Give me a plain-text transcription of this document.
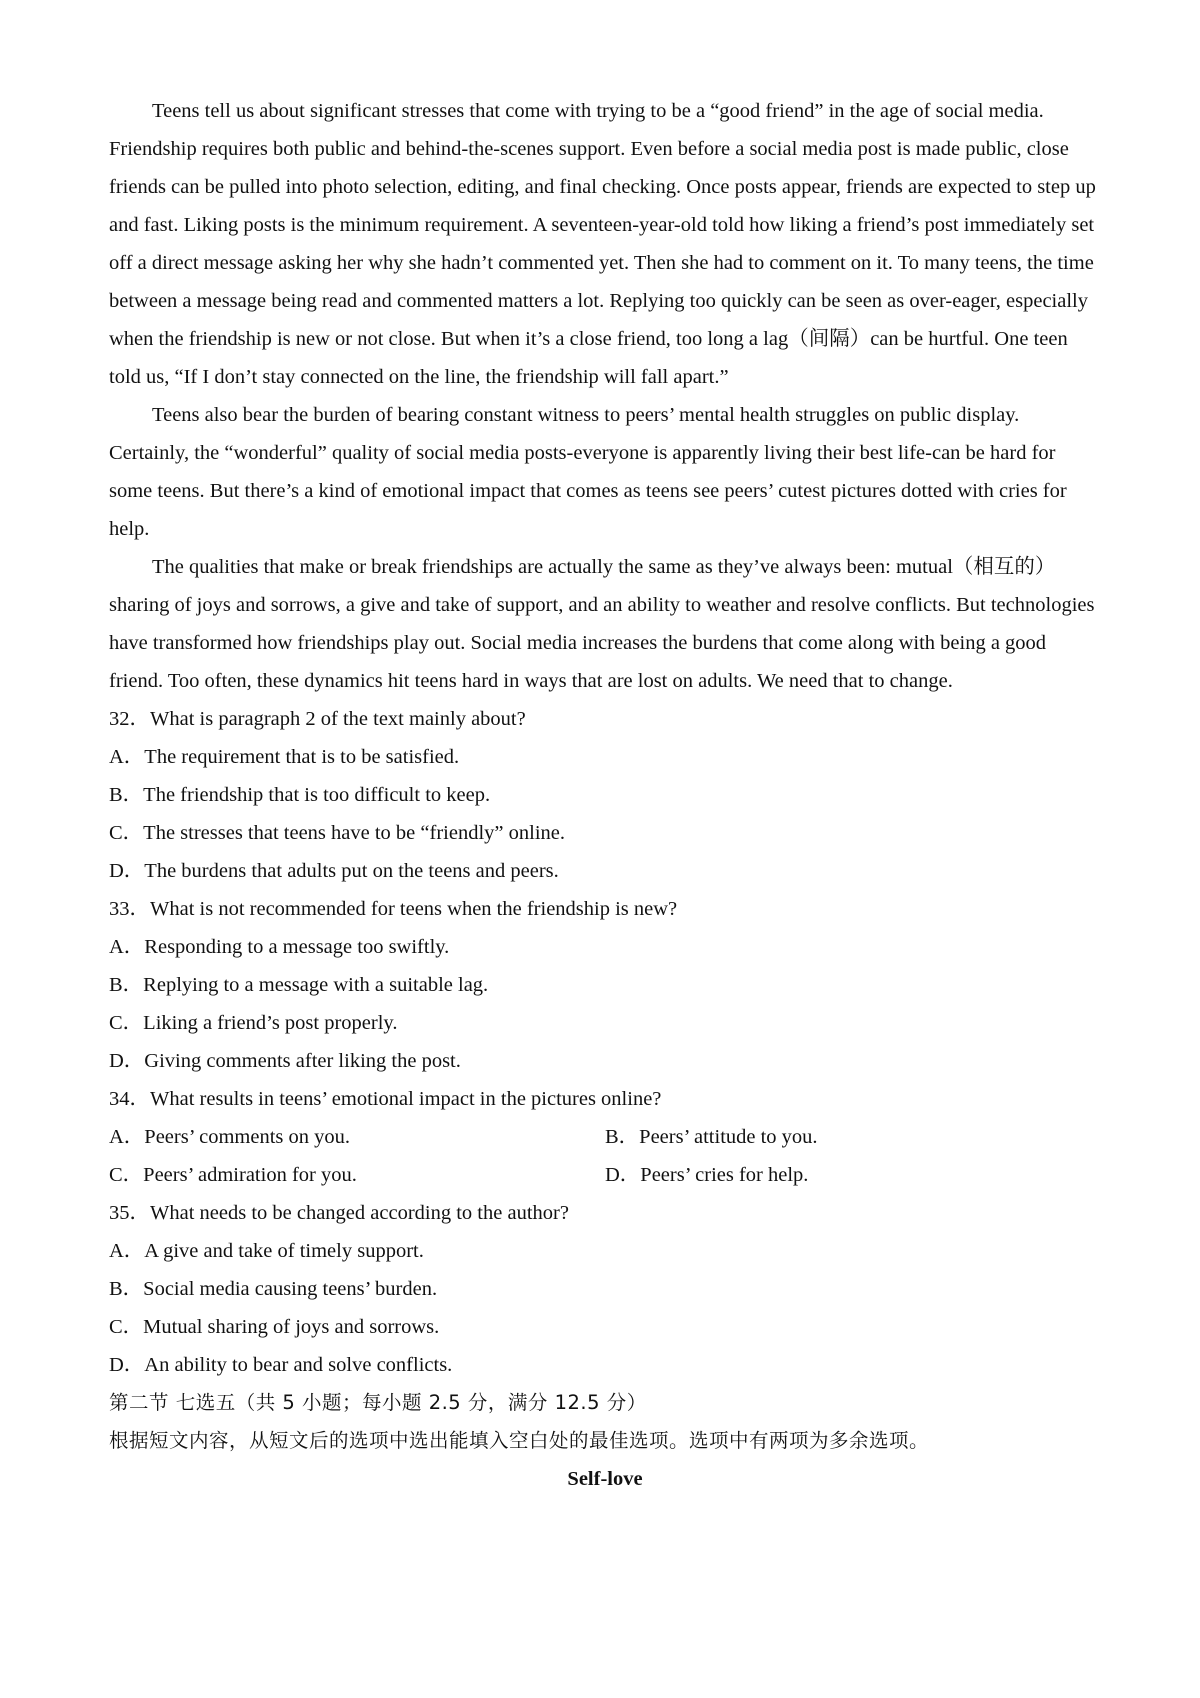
Teens tell us about significant stresses that come with trying to be a “good friend” in the age of social media. Friendship requires both public and behind-the-scenes support. Even before a social media post is made public, close friends can be pulled into photo selection, editing, and final checking. Once posts appear, friends are expected to step up and fast. Liking posts is the minimum requirement. A seventeen-year-old told how liking a friend’s post immediately set off a direct message asking her why she hadn’t commented yet. Then she had to comment on it. To many teens, the time between a message being read and commented matters a lot. Replying too quickly can be seen as over-eager, especially when the friendship is new or not close. But when it’s a close friend, too long a lag（间隔）can be hurtful. One teen told us, “If I don’t stay connected on the line, the friendship will fall apart.”

Teens also bear the burden of bearing constant witness to peers’ mental health struggles on public display. Certainly, the “wonderful” quality of social media posts-everyone is apparently living their best life-can be hard for some teens. But there’s a kind of emotional impact that comes as teens see peers’ cutest pictures dotted with cries for help.

The qualities that make or break friendships are actually the same as they’ve always been: mutual（相互的）sharing of joys and sorrows, a give and take of support, and an ability to weather and resolve conflicts. But technologies have transformed how friendships play out. Social media increases the burdens that come along with being a good friend. Too often, these dynamics hit teens hard in ways that are lost on adults. We need that to change.

32．What is paragraph 2 of the text mainly about?

A．The requirement that is to be satisfied.

B．The friendship that is too difficult to keep.

C．The stresses that teens have to be “friendly” online.

D．The burdens that adults put on the teens and peers.

33．What is not recommended for teens when the friendship is new?

A．Responding to a message too swiftly.

B．Replying to a message with a suitable lag.

C．Liking a friend’s post properly.

D．Giving comments after liking the post.

34．What results in teens’ emotional impact in the pictures online?

A．Peers’ comments on you.	B．Peers’ attitude to you.
C．Peers’ admiration for you.	D．Peers’ cries for help.

35．What needs to be changed according to the author?

A．A give and take of timely support.

B．Social media causing teens’ burden.

C．Mutual sharing of joys and sorrows.

D．An ability to bear and solve conflicts.

第二节 七选五（共 5 小题；每小题 2.5 分，满分 12.5 分）

根据短文内容，从短文后的选项中选出能填入空白处的最佳选项。选项中有两项为多余选项。

Self-love
